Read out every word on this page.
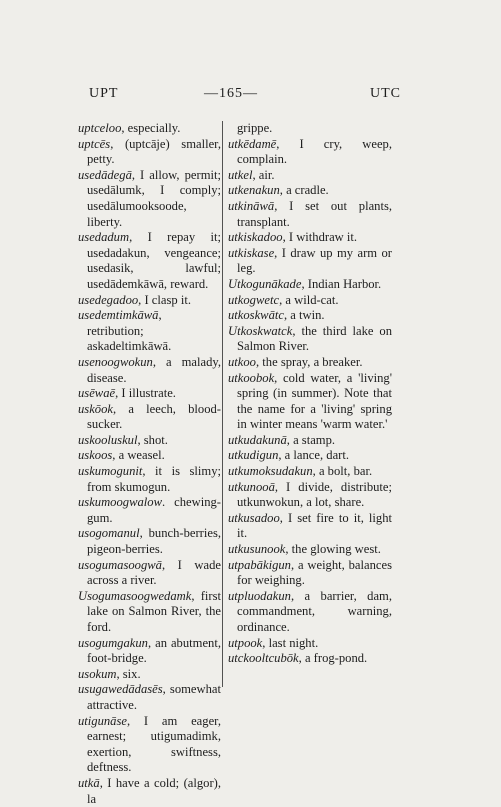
UPT	—165—	UTC

uptceloo, especially.

uptcēs, (uptcāje) smaller, petty.

usedādegā, I allow, permit; usedālumk, I comply; usedālumooksoode, liberty.

usedadum, I repay it; usedadakun, vengeance; usedasik, lawful; usedādemkāwā, reward.

usedegadoo, I clasp it.

usedemtimkāwā, retribution; askadeltimkāwā.

usenoogwokun, a malady, disease.

usēwaē, I illustrate.

uskōok, a leech, blood-sucker.

uskooluskul, shot.

uskoos, a weasel.

uskumogunit, it is slimy; from skumogun.

uskumoogwalow. chewing-gum.

usogomanul, bunch-berries, pigeon-berries.

usogumasoogwā, I wade across a river.

Usogumasoogwedamk, first lake on Salmon River, the ford.

usogumgakun, an abutment, foot-bridge.

usokum, six.

usugawedādasēs, somewhat attractive.

utigunāse, I am eager, earnest; utigumadimk, exertion, swiftness, deftness.

utkā, I have a cold; (algor), la

grippe.

utkēdamē, I cry, weep, complain.

utkel, air.

utkenakun, a cradle.

utkināwā, I set out plants, transplant.

utkiskadoo, I withdraw it.

utkiskase, I draw up my arm or leg.

Utkogunākade, Indian Harbor.

utkogwetc, a wild-cat.

utkoskwātc, a twin.

Utkoskwatck, the third lake on Salmon River.

utkoo, the spray, a breaker.

utkoobok, cold water, a 'living' spring (in summer). Note that the name for a 'living' spring in winter means 'warm water.'

utkudakunā, a stamp.

utkudigun, a lance, dart.

utkumoksudakun, a bolt, bar.

utkunooā, I divide, distribute; utkunwokun, a lot, share.

utkusadoo, I set fire to it, light it.

utkusunook, the glowing west.

utpabākigun, a weight, balances for weighing.

utpluodakun, a barrier, dam, commandment, warning, ordinance.

utpook, last night.

utckooltcubōk, a frog-pond.
